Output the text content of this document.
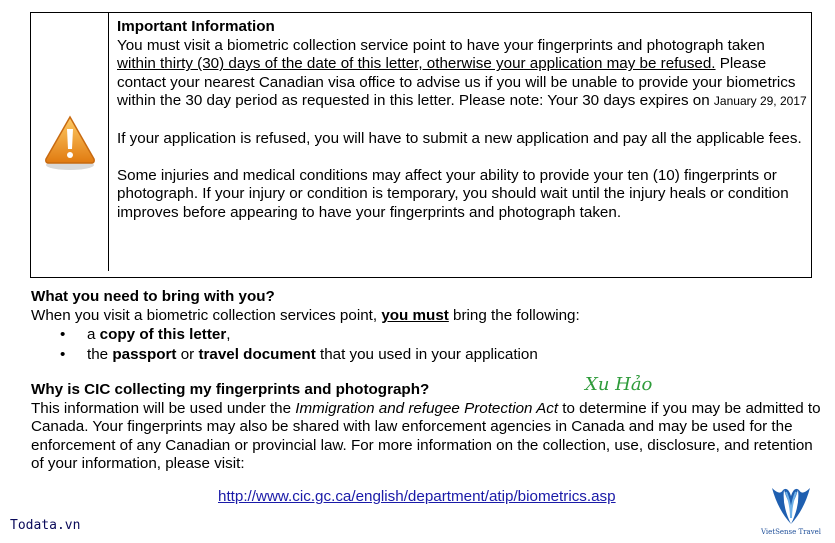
Important Information

You must visit a biometric collection service point to have your fingerprints and photograph taken within thirty (30) days of the date of this letter, otherwise your application may be refused. Please contact your nearest Canadian visa office to advise us if you will be unable to provide your biometrics within the 30 day period as requested in this letter. Please note: Your 30 days expires on January 29, 2017

If your application is refused, you will have to submit a new application and pay all the applicable fees.

Some injuries and medical conditions may affect your ability to provide your ten (10) fingerprints or photograph. If your injury or condition is temporary, you should wait until the injury heals or condition improves before appearing to have your fingerprints and photograph taken.

What you need to bring with you?

When you visit a biometric collection services point, you must bring the following:

• a copy of this letter,

• the passport or travel document that you used in your application

Why is CIC collecting my fingerprints and photograph?

This information will be used under the Immigration and refugee Protection Act to determine if you may be admitted to Canada. Your fingerprints may also be shared with law enforcement agencies in Canada and may be used for the enforcement of any Canadian or provincial law. For more information on the collection, use, disclosure, and retention of your information, please visit:

http://www.cic.gc.ca/english/department/atip/biometrics.asp
Xu Hảo
Todata.vn	VietSense Travel
